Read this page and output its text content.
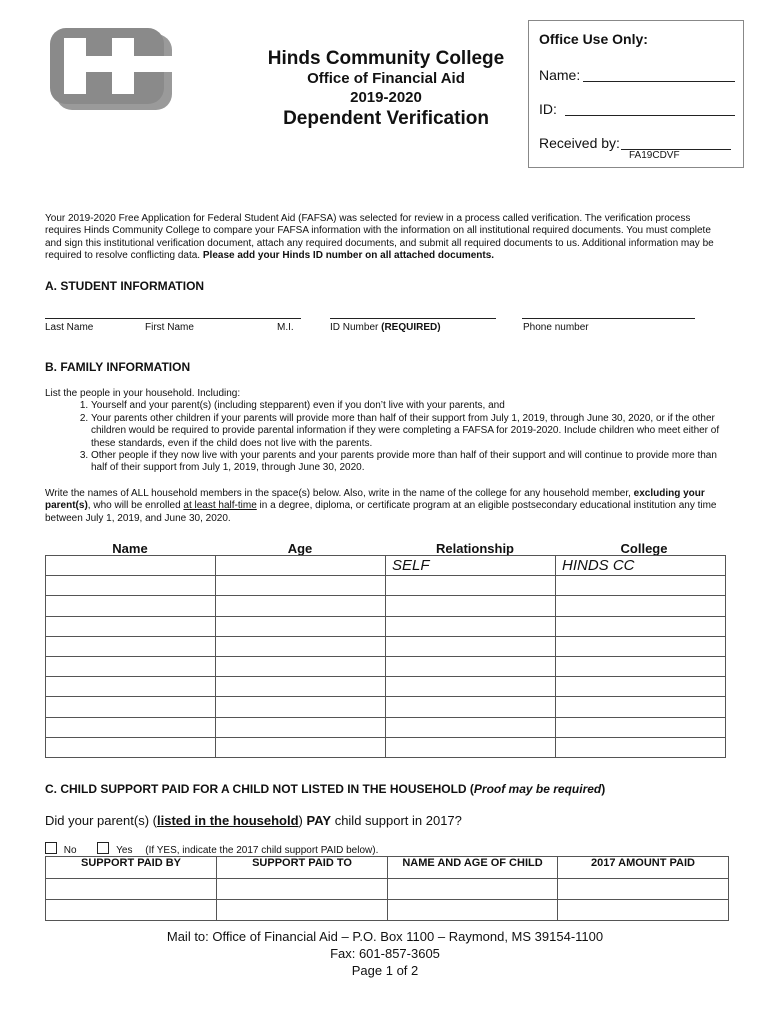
Hinds Community College
Office of Financial Aid
2019-2020
Dependent Verification
Office Use Only:
Name:
ID:
Received by:
FA19CDVF
Your 2019-2020 Free Application for Federal Student Aid (FAFSA) was selected for review in a process called verification. The verification process requires Hinds Community College to compare your FAFSA information with the information on all institutional required documents. You must complete and sign this institutional verification document, attach any required documents, and submit all required documents to us. Additional information may be required to resolve conflicting data. Please add your Hinds ID number on all attached documents.
A. STUDENT INFORMATION
Last Name	First Name	M.I.	ID Number (REQUIRED)	Phone number
B. FAMILY INFORMATION
List the people in your household. Including:
1. Yourself and your parent(s) (including stepparent) even if you don’t live with your parents, and
2. Your parents other children if your parents will provide more than half of their support from July 1, 2019, through June 30, 2020, or if the other children would be required to provide parental information if they were completing a FAFSA for 2019-2020. Include children who meet either of these standards, even if the child does not live with the parents.
3. Other people if they now live with your parents and your parents provide more than half of their support and will continue to provide more than half of their support from July 1, 2019, through June 30, 2020.
Write the names of ALL household members in the space(s) below. Also, write in the name of the college for any household member, excluding your parent(s), who will be enrolled at least half-time in a degree, diploma, or certificate program at an eligible postsecondary educational institution any time between July 1, 2019, and June 30, 2020.
Name	Age	Relationship	College
		SELF	HINDS CC

C. CHILD SUPPORT PAID FOR A CHILD NOT LISTED IN THE HOUSEHOLD (Proof may be required)
Did your parent(s) (listed in the household) PAY child support in 2017?
No	Yes (If YES, indicate the 2017 child support PAID below).
SUPPORT PAID BY	SUPPORT PAID TO	NAME AND AGE OF CHILD	2017 AMOUNT PAID

Mail to: Office of Financial Aid – P.O. Box 1100 – Raymond, MS 39154-1100
Fax: 601-857-3605
Page 1 of 2
